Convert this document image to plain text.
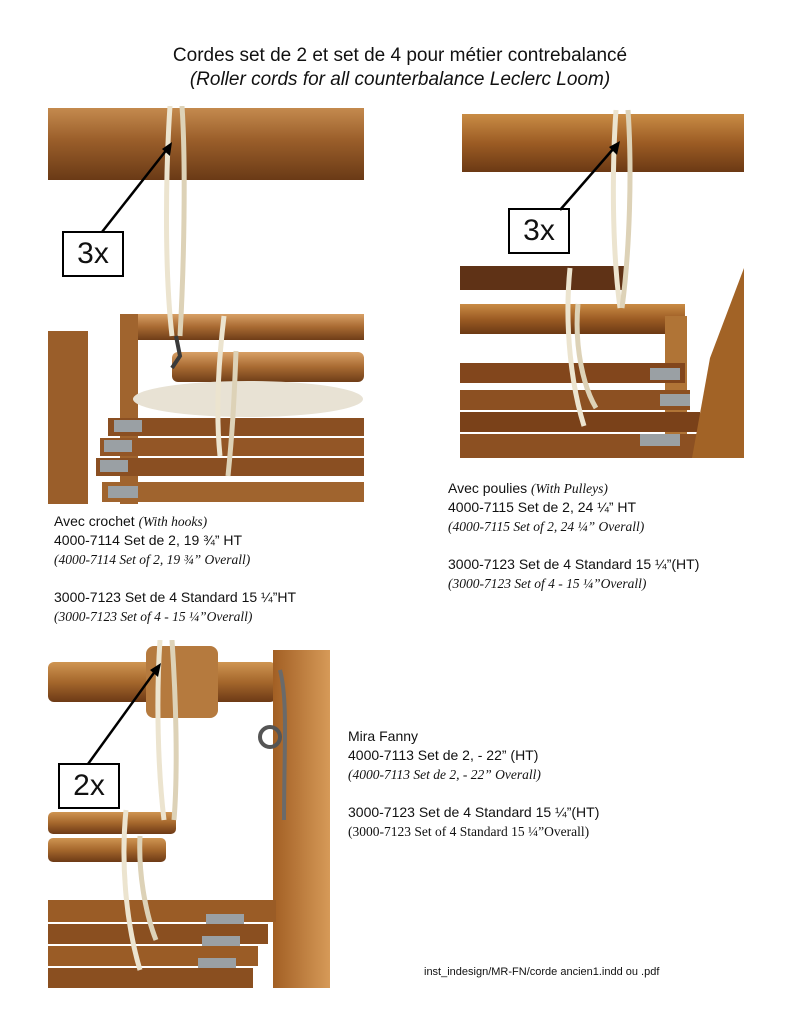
Cordes set de 2 et set de 4 pour métier contrebalancé
(Roller cords for all counterbalance Leclerc Loom)
3x
3x
Avec crochet (With hooks)
4000-7114 Set de 2, 19 ¾” HT
(4000-7114 Set of 2, 19 ¾” Overall)
3000-7123 Set de 4 Standard 15 ¼”HT
(3000-7123 Set of 4 - 15 ¼”Overall)
Avec poulies (With Pulleys)
4000-7115 Set de 2, 24 ¼” HT
(4000-7115 Set of 2, 24 ¼” Overall)
3000-7123 Set de 4 Standard 15 ¼”(HT)
(3000-7123 Set of 4 - 15 ¼”Overall)
2x
Mira Fanny
4000-7113 Set de 2, - 22” (HT)
(4000-7113 Set de 2, - 22” Overall)
3000-7123 Set de 4 Standard 15 ¼”(HT)
(3000-7123 Set of 4 Standard 15 ¼”Overall)
inst_indesign/MR-FN/corde ancien1.indd ou .pdf
